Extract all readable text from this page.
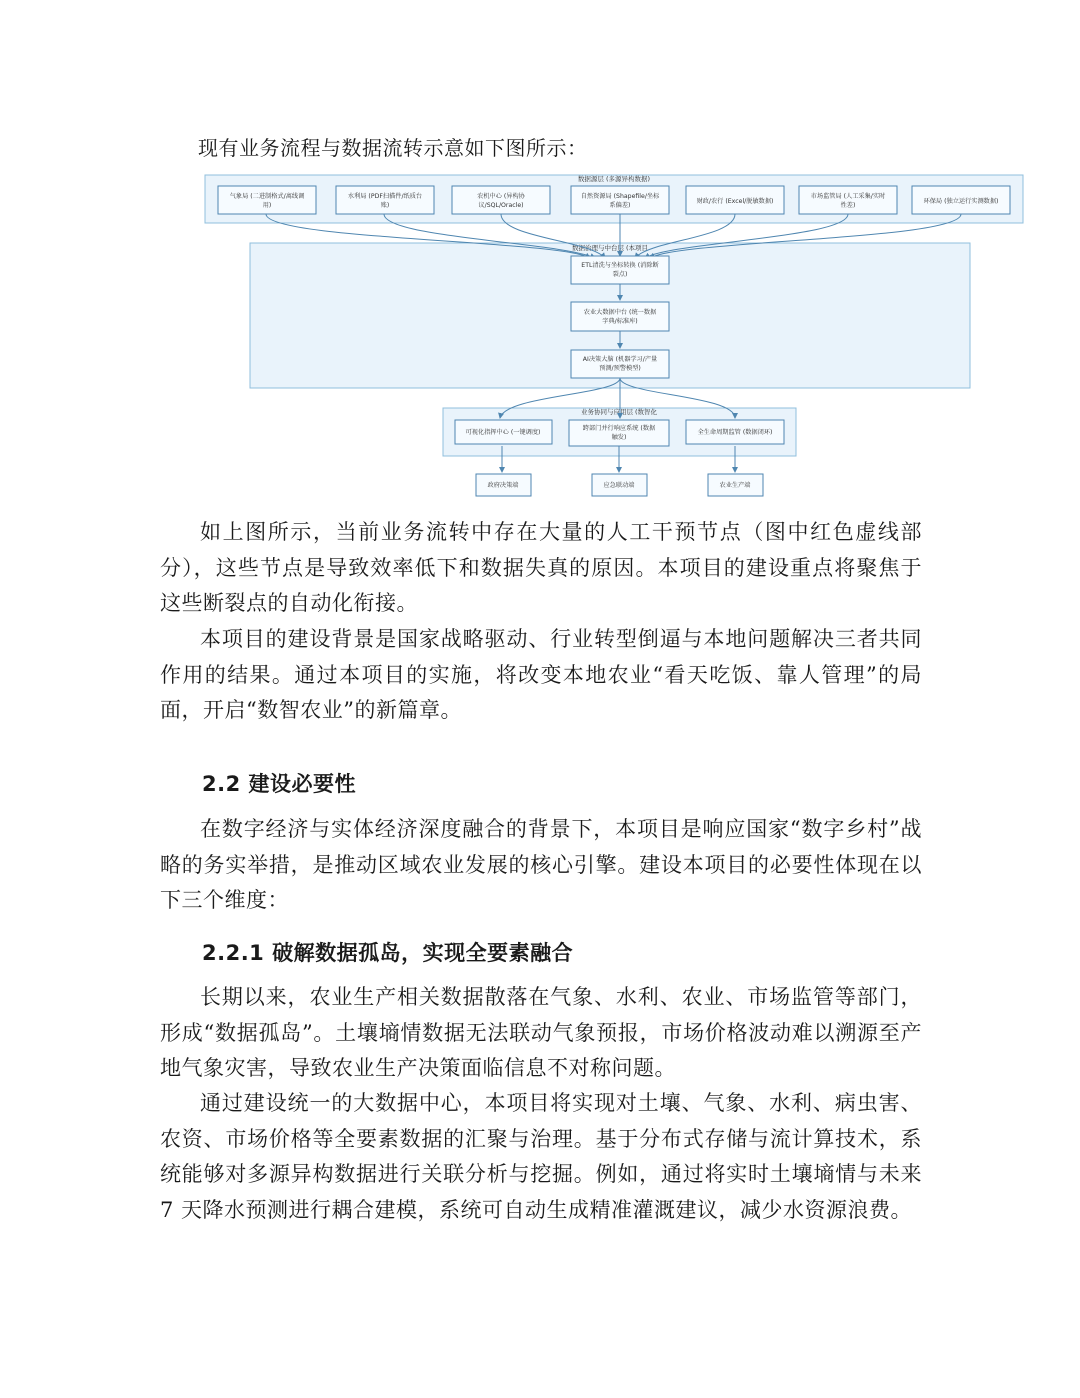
现有业务流程与数据流转示意如下图所示：

数据源层 (多源异构数据)
数据治理与中台层 (本项目
业务协同与应用层 (数智化
气象局 (二进制格式/离线调
用)
水利局 (PDF扫描件/纸质台
账)
农机中心 (异构协
议/SQL/Oracle)
自然资源局 (Shapefile/坐标
系偏差)
财政/农行 (Excel/脱敏数据)
市场监管局 (人工采集/实时
性差)
环保局 (独立运行实测数据)
ETL清洗与坐标转换 (消除断
裂点)
农业大数据中台 (统一数据
字典/标准库)
AI决策大脑 (机器学习/产量
预测/预警模型)
可视化指挥中心 (一键调度)
跨部门并行响应系统 (数据
触发)
全生命周期监管 (数据闭环)
政府决策端	应急联动端	农业生产端

如上图所示，当前业务流转中存在大量的人工干预节点（图中红色虚线部分），这些节点是导致效率低下和数据失真的原因。本项目的建设重点将聚焦于这些断裂点的自动化衔接。

本项目的建设背景是国家战略驱动、行业转型倒逼与本地问题解决三者共同作用的结果。通过本项目的实施，将改变本地农业“看天吃饭、靠人管理”的局面，开启“数智农业”的新篇章。

2.2 建设必要性

在数字经济与实体经济深度融合的背景下，本项目是响应国家“数字乡村”战略的务实举措，是推动区域农业发展的核心引擎。建设本项目的必要性体现在以下三个维度：

2.2.1 破解数据孤岛，实现全要素融合

长期以来，农业生产相关数据散落在气象、水利、农业、市场监管等部门，形成“数据孤岛”。土壤墒情数据无法联动气象预报，市场价格波动难以溯源至产地气象灾害，导致农业生产决策面临信息不对称问题。

通过建设统一的大数据中心，本项目将实现对土壤、气象、水利、病虫害、农资、市场价格等全要素数据的汇聚与治理。基于分布式存储与流计算技术，系统能够对多源异构数据进行关联分析与挖掘。例如，通过将实时土壤墒情与未来 7 天降水预测进行耦合建模，系统可自动生成精准灌溉建议，减少水资源浪费。
